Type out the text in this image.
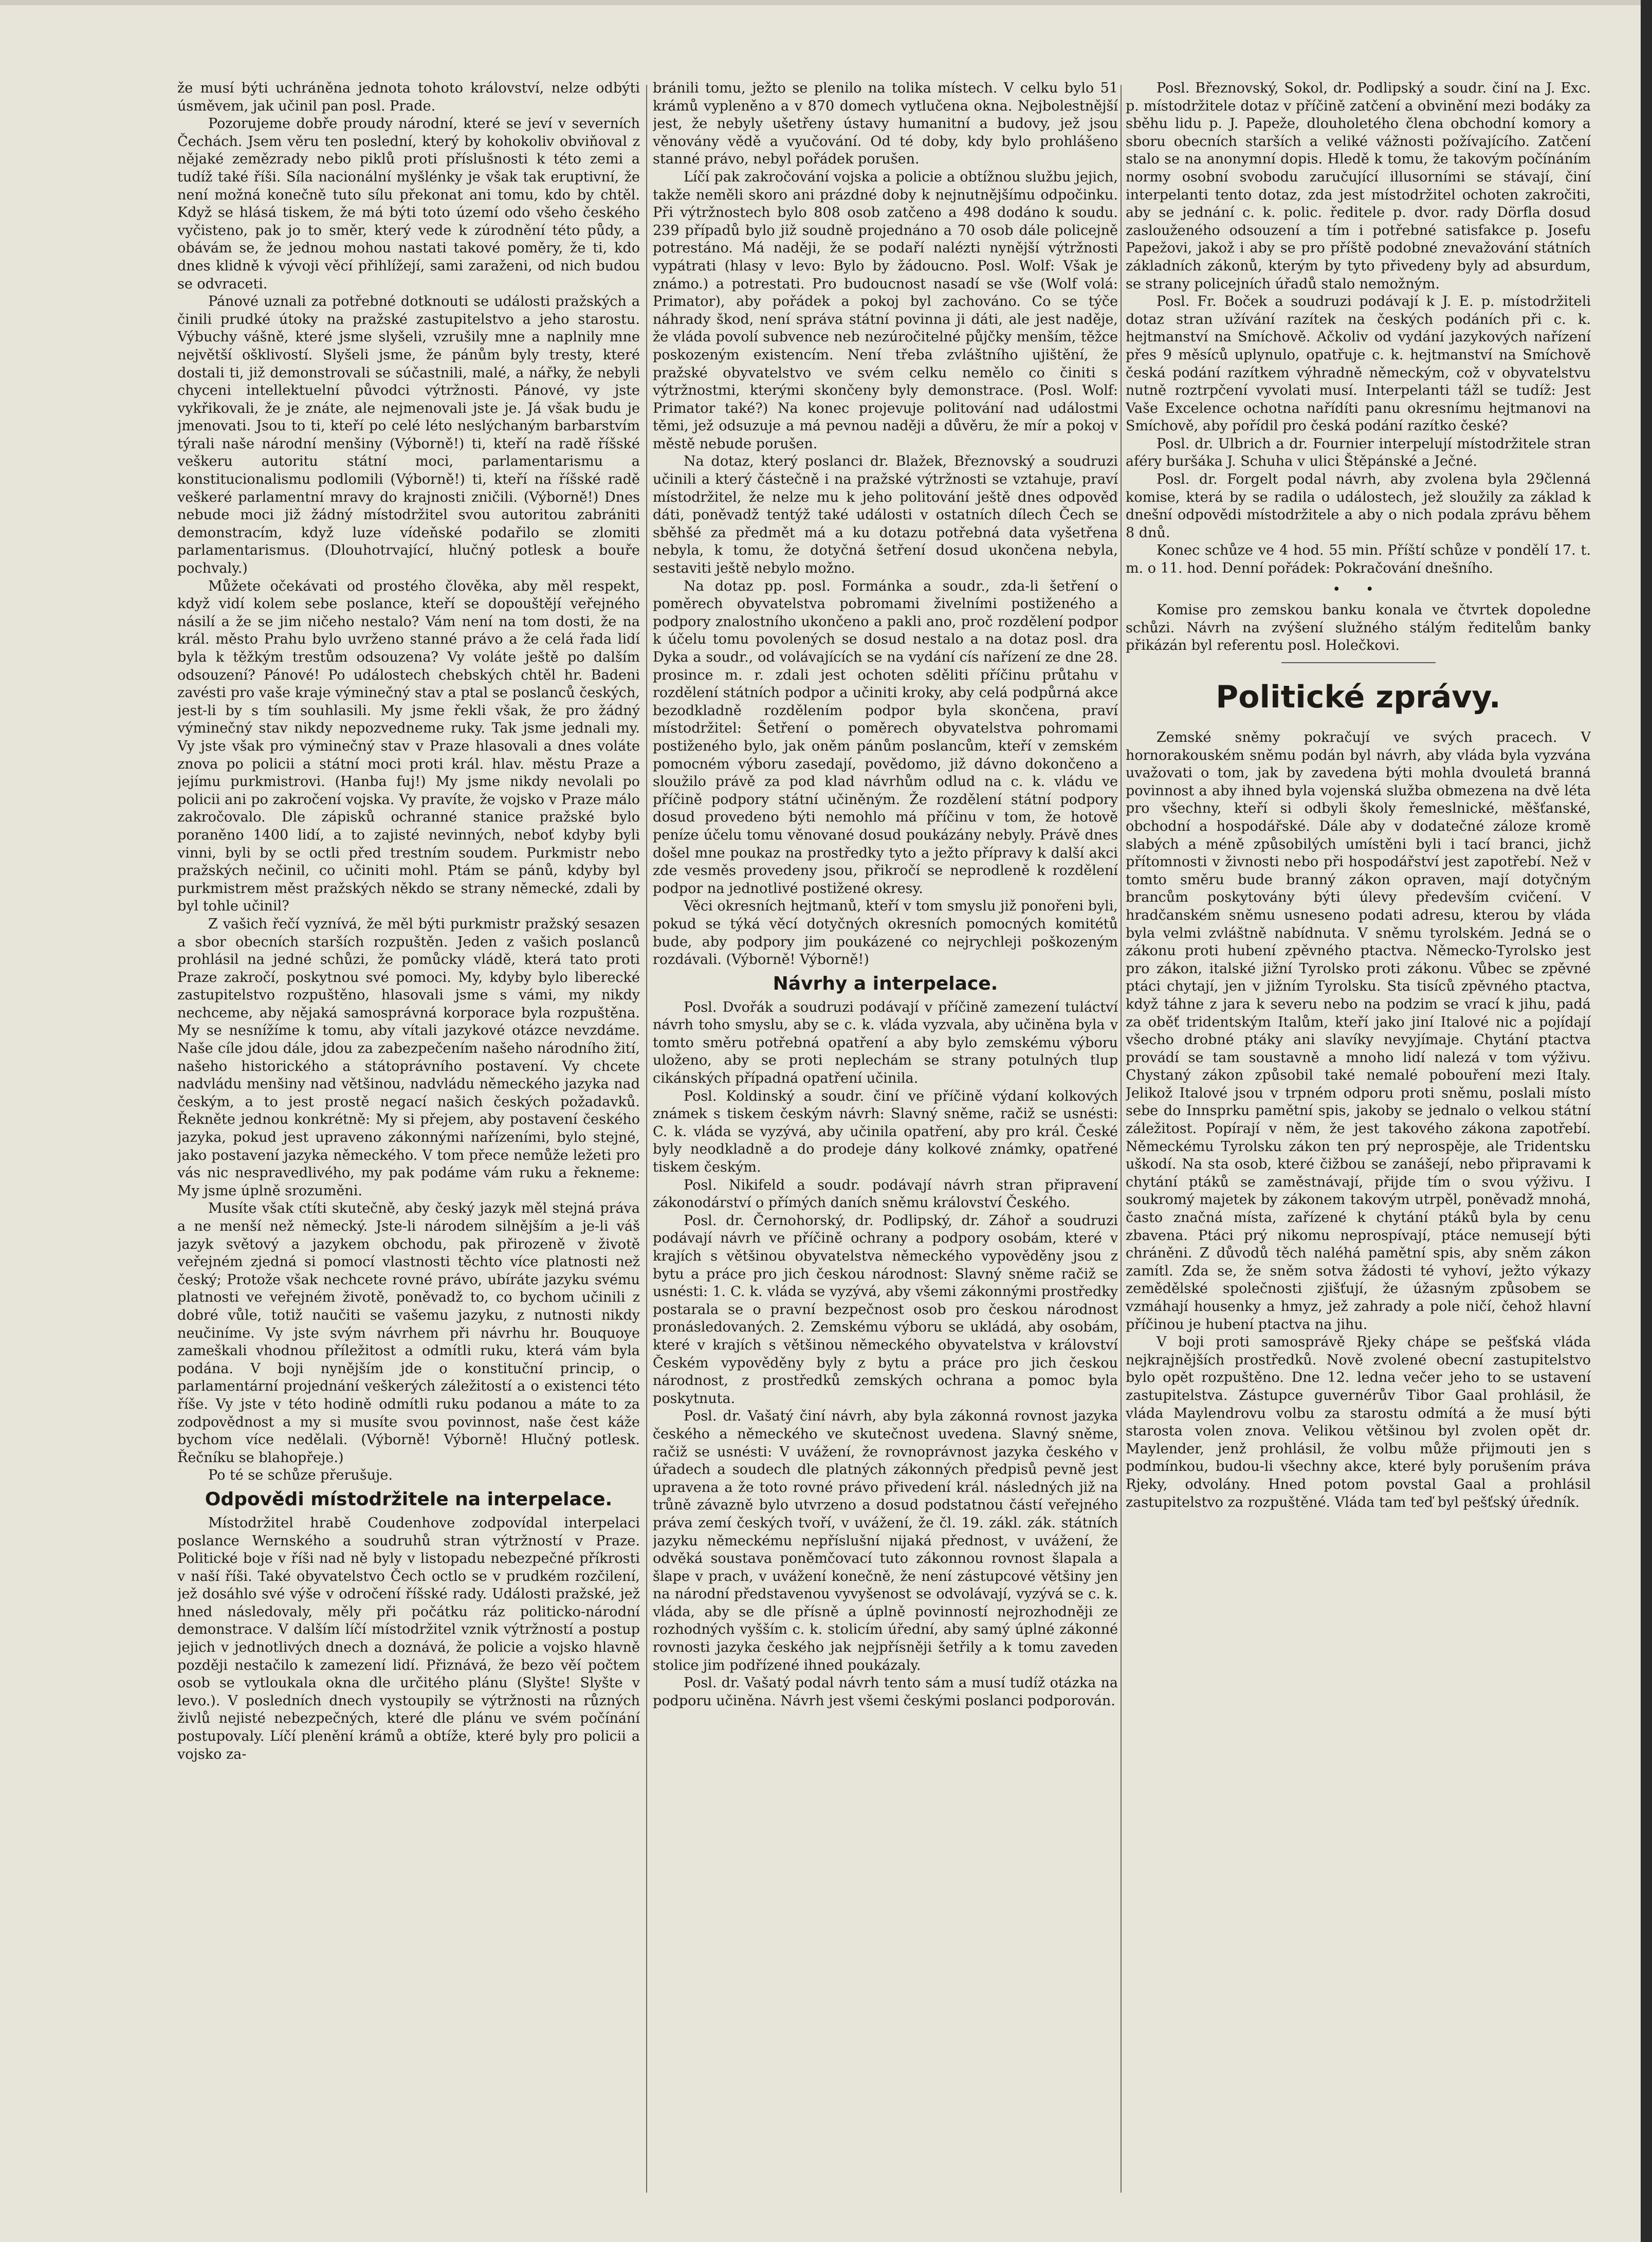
že musí býti uchráněna jednota tohoto království, nelze odbýti úsměvem, jak učinil pan posl. Prade.

Pozorujeme dobře proudy národní, které se jeví v severních Čechách. Jsem věru ten poslední, který by kohokoliv obviňoval z nějaké zemězrady nebo piklů proti příslušnosti k této zemi a tudíž také říši. Síla nacionální myšlénky je však tak eruptivní, že není možná konečně tuto sílu překonat ani tomu, kdo by chtěl. Když se hlásá tiskem, že má býti toto území odo všeho českého vyčisteno, pak jo to směr, který vede k zúrodnění této půdy, a obávám se, že jednou mohou nastati takové poměry, že ti, kdo dnes klidně k vývoji věcí přihlížejí, sami zaraženi, od nich budou se odvraceti.

Pánové uznali za potřebné dotknouti se události pražských a činili prudké útoky na pražské zastupitelstvo a jeho starostu. Výbuchy vášně, které jsme slyšeli, vzrušily mne a naplnily mne největší ošklivostí. Slyšeli jsme, že pánům byly tresty, které dostali ti, již demonstrovali se súčastnili, malé, a nářky, že nebyli chyceni intellektuelní původci výtržnosti. Pánové, vy jste vykřikovali, že je znáte, ale nejmenovali jste je. Já však budu je jmenovati. Jsou to ti, kteří po celé léto neslýchaným barbarstvím týrali naše národní menšiny (Výborně!) ti, kteří na radě říšské veškeru autoritu státní moci, parlamentarismu a konstitucionalismu podlomili (Výborně!) ti, kteří na říšské radě veškeré parlamentní mravy do krajnosti zničili. (Výborně!) Dnes nebude moci již žádný místodržitel svou autoritou zabrániti demonstracím, když luze vídeňské podařilo se zlomiti parlamentarismus. (Dlouhotrvající, hlučný potlesk a bouře pochvaly.)

Můžete očekávati od prostého člověka, aby měl respekt, když vidí kolem sebe poslance, kteří se dopouštějí veřejného násilí a že se jim ničeho nestalo? Vám není na tom dosti, že na král. město Prahu bylo uvrženo stanné právo a že celá řada lidí byla k těžkým trestům odsouzena? Vy voláte ještě po dalším odsouzení? Pánové! Po událostech chebských chtěl hr. Badeni zavésti pro vaše kraje výminečný stav a ptal se poslanců českých, jest-li by s tím souhlasili. My jsme řekli však, že pro žádný výminečný stav nikdy nepozvedneme ruky. Tak jsme jednali my. Vy jste však pro výminečný stav v Praze hlasovali a dnes voláte znova po policii a státní moci proti král. hlav. městu Praze a jejímu purkmistrovi. (Hanba fuj!) My jsme nikdy nevolali po policii ani po zakročení vojska. Vy pravíte, že vojsko v Praze málo zakročovalo. Dle zápisků ochranné stanice pražské bylo poraněno 1400 lidí, a to zajisté nevinných, neboť kdyby byli vinni, byli by se octli před trestním soudem. Purkmistr nebo pražských nečinil, co učiniti mohl. Ptám se pánů, kdyby byl purkmistrem měst pražských někdo se strany německé, zdali by byl tohle učinil?

Z vašich řečí vyznívá, že měl býti purkmistr pražský sesazen a sbor obecních starších rozpuštěn. Jeden z vašich poslanců prohlásil na jedné schůzi, že pomůcky vládě, která tato proti Praze zakročí, poskytnou své pomoci. My, kdyby bylo liberecké zastupitelstvo rozpuštěno, hlasovali jsme s vámi, my nikdy nechceme, aby nějaká samosprávná korporace byla rozpuštěna. My se nesnížíme k tomu, aby vítali jazykové otázce nevzdáme. Naše cíle jdou dále, jdou za zabezpečením našeho národního žití, našeho historického a státoprávního postavení. Vy chcete nadvládu menšiny nad většinou, nadvládu německého jazyka nad českým, a to jest prostě negací našich českých požadavků. Řekněte jednou konkrétně: My si přejem, aby postavení českého jazyka, pokud jest upraveno zákonnými nařízeními, bylo stejné, jako postavení jazyka německého. V tom přece nemůže ležeti pro vás nic nespravedlivého, my pak podáme vám ruku a řekneme: My jsme úplně srozuměni.

Musíte však ctíti skutečně, aby český jazyk měl stejná práva a ne menší než německý. Jste-li národem silnějším a je-li váš jazyk světový a jazykem obchodu, pak přirozeně v životě veřejném zjedná si pomocí vlastnosti těchto více platnosti než český; Protože však nechcete rovné právo, ubíráte jazyku svému platnosti ve veřejném životě, poněvadž to, co bychom učinili z dobré vůle, totiž naučiti se vašemu jazyku, z nutnosti nikdy neučiníme. Vy jste svým návrhem při návrhu hr. Bouquoye zameškali vhodnou příležitost a odmítli ruku, která vám byla podána. V boji nynějším jde o konstituční princip, o parlamentární projednání veškerých záležitostí a o existenci této říše. Vy jste v této hodině odmítli ruku podanou a máte to za zodpovědnost a my si musíte svou povinnost, naše čest káže bychom více nedělali. (Výborně! Výborně! Hlučný potlesk. Řečníku se blahopřeje.)

Po té se schůze přerušuje.

Odpovědi místodržitele na interpelace.

Místodržitel hrabě Coudenhove zodpovídal interpelaci poslance Wernského a soudruhů stran výtržností v Praze. Politické boje v říši nad ně byly v listopadu nebezpečné příkrosti v naší říši. Také obyvatelstvo Čech octlo se v prudkém rozčilení, jež dosáhlo své výše v odročení říšské rady. Události pražské, jež hned následovaly, měly při počátku ráz politicko-národní demonstrace. V dalším líčí místodržitel vznik výtržností a postup jejich v jednotlivých dnech a doznává, že policie a vojsko hlavně později nestačilo k zamezení lidí. Přiznává, že bezo věí počtem osob se vytloukala okna dle určitého plánu (Slyšte! Slyšte v levo.). V posledních dnech vystoupily se výtržnosti na různých živlů nejisté nebezpečných, které dle plánu ve svém počínání postupovaly. Líčí plenění krámů a obtíže, které byly pro policii a vojsko za-

bránili tomu, ježto se plenilo na tolika místech. V celku bylo 51 krámů vypleněno a v 870 domech vytlučena okna. Nejbolestnější jest, že nebyly ušetřeny ústavy humanitní a budovy, jež jsou věnovány vědě a vyučování. Od té doby, kdy bylo prohlášeno stanné právo, nebyl pořádek porušen.

Líčí pak zakročování vojska a policie a obtížnou službu jejich, takže neměli skoro ani prázdné doby k nejnutnějšímu odpočinku. Při výtržnostech bylo 808 osob zatčeno a 498 dodáno k soudu. 239 případů bylo již soudně projednáno a 70 osob dále policejně potrestáno. Má naději, že se podaří nalézti nynější výtržnosti vypátrati (hlasy v levo: Bylo by žádoucno. Posl. Wolf: Však je známo.) a potrestati. Pro budoucnost nasadí se vše (Wolf volá: Primator), aby pořádek a pokoj byl zachováno. Co se týče náhrady škod, není správa státní povinna ji dáti, ale jest naděje, že vláda povolí subvence neb nezúročitelné půjčky menším, těžce poskozeným existencím. Není třeba zvláštního ujištění, že pražské obyvatelstvo ve svém celku nemělo co činiti s výtržnostmi, kterými skončeny byly demonstrace. (Posl. Wolf: Primator také?) Na konec projevuje politování nad událostmi těmi, jež odsuzuje a má pevnou naději a důvěru, že mír a pokoj v městě nebude porušen.

Na dotaz, který poslanci dr. Blažek, Březnovský a soudruzi učinili a který částečně i na pražské výtržnosti se vztahuje, praví místodržitel, že nelze mu k jeho politování ještě dnes odpověď dáti, poněvadž tentýž také události v ostatních dílech Čech se sběhšé za předmět má a ku dotazu potřebná data vyšetřena nebyla, k tomu, že dotyčná šetření dosud ukončena nebyla, sestaviti ještě nebylo možno.

Na dotaz pp. posl. Formánka a soudr., zda-li šetření o poměrech obyvatelstva pobromami živelními postiženého a podpory znalostního ukončeno a pakli ano, proč rozdělení podpor k účelu tomu povolených se dosud nestalo a na dotaz posl. dra Dyka a soudr., od volávajících se na vydání cís nařízení ze dne 28. prosince m. r. zdali jest ochoten sděliti příčinu průtahu v rozdělení státních podpor a učiniti kroky, aby celá podpůrná akce bezodkladně rozdělením podpor byla skončena, praví místodržitel: Šetření o poměrech obyvatelstva pohromami postiženého bylo, jak oněm pánům poslancům, kteří v zemském pomocném výboru zasedají, povědomo, již dávno dokončeno a sloužilo právě za pod klad návrhům odlud na c. k. vládu ve příčině podpory státní učiněným. Že rozdělení státní podpory dosud provedeno býti nemohlo má příčinu v tom, že hotově peníze účelu tomu věnované dosud poukázány nebyly. Právě dnes došel mne poukaz na prostředky tyto a ježto přípravy k další akci zde vesměs provedeny jsou, přikročí se neprodleně k rozdělení podpor na jednotlivé postižené okresy.

Věci okresních hejtmanů, kteří v tom smyslu již ponořeni byli, pokud se týká věcí dotyčných okresních pomocných komitétů bude, aby podpory jim poukázené co nejrychleji poškozeným rozdávali. (Výborně! Výborně!)

Návrhy a interpelace.

Posl. Dvořák a soudruzi podávají v příčině zamezení tuláctví návrh toho smyslu, aby se c. k. vláda vyzvala, aby učiněna byla v tomto směru potřebná opatření a aby bylo zemskému výboru uloženo, aby se proti neplechám se strany potulných tlup cikánských případná opatření učinila.

Posl. Koldinský a soudr. činí ve příčině výdaní kolkových známek s tiskem českým návrh: Slavný sněme, račiž se usnésti: C. k. vláda se vyzývá, aby učinila opatření, aby pro král. České byly neodkladně a do prodeje dány kolkové známky, opatřené tiskem českým.

Posl. Nikifeld a soudr. podávají návrh stran připravení zákonodárství o přímých daních sněmu království Českého.

Posl. dr. Černohorský, dr. Podlipský, dr. Záhoř a soudruzi podávají návrh ve příčině ochrany a podpory osobám, které v krajích s většinou obyvatelstva německého vypověděny jsou z bytu a práce pro jich českou národnost: Slavný sněme račiž se usnésti: 1. C. k. vláda se vyzývá, aby všemi zákonnými prostředky postarala se o pravní bezpečnost osob pro českou národnost pronásledovaných. 2. Zemskému výboru se ukládá, aby osobám, které v krajích s většinou německého obyvatelstva v království Českém vypověděny byly z bytu a práce pro jich českou národnost, z prostředků zemských ochrana a pomoc byla poskytnuta.

Posl. dr. Vašatý činí návrh, aby byla zákonná rovnost jazyka českého a německého ve skutečnost uvedena. Slavný sněme, račiž se usnésti: V uvážení, že rovnoprávnost jazyka českého v úřadech a soudech dle platných zákonných předpisů pevně jest upravena a že toto rovné právo přivedení král. následných již na trůně závazně bylo utvrzeno a dosud podstatnou částí veřejného práva zemí českých tvoří, v uvážení, že čl. 19. zákl. zák. státních jazyku německému nepříslušní nijaká přednost, v uvážení, že odvěká soustava poněmčovací tuto zákonnou rovnost šlapala a šlape v prach, v uvážení konečně, že není zástupcové většiny jen na národní představenou vyvyšenost se odvolávají, vyzývá se c. k. vláda, aby se dle přísně a úplně povinností nejrozhodněji ze rozhodných vyšším c. k. stolicím úřední, aby samý úplné zákonné rovnosti jazyka českého jak nejpřísněji šetřily a k tomu zaveden stolice jim podřízené ihned poukázaly.

Posl. dr. Vašatý podal návrh tento sám a musí tudíž otázka na podporu učiněna. Návrh jest všemi českými poslanci podporován.

Posl. Březnovský, Sokol, dr. Podlipský a soudr. činí na J. Exc. p. místodržitele dotaz v příčině zatčení a obvinění mezi bodáky za sběhu lidu p. J. Papeže, dlouholetého člena obchodní komory a sboru obecních starších a veliké vážnosti požívajícího. Zatčení stalo se na anonymní dopis. Hledě k tomu, že takovým počínáním normy osobní svobodu zaručující illusorními se stávají, činí interpelanti tento dotaz, zda jest místodržitel ochoten zakročiti, aby se jednání c. k. polic. ředitele p. dvor. rady Dörfla dosud zaslouženého odsouzení a tím i potřebné satisfakce p. Josefu Papežovi, jakož i aby se pro příště podobné znevažování státních základních zákonů, kterým by tyto přivedeny byly ad absurdum, se strany policejních úřadů stalo nemožným.

Posl. Fr. Boček a soudruzi podávají k J. E. p. místodržiteli dotaz stran užívání razítek na českých podáních při c. k. hejtmanství na Smíchově. Ačkoliv od vydání jazykových nařízení přes 9 měsíců uplynulo, opatřuje c. k. hejtmanství na Smíchově česká podání razítkem výhradně německým, což v obyvatelstvu nutně roztrpčení vyvolati musí. Interpelanti tážl se tudíž: Jest Vaše Excelence ochotna nařídíti panu okresnímu hejtmanovi na Smíchově, aby pořídil pro česká podání razítko české?

Posl. dr. Ulbrich a dr. Fournier interpelují místodržitele stran aféry buršáka J. Schuha v ulici Štěpánské a Ječné.

Posl. dr. Forgelt podal návrh, aby zvolena byla 29členná komise, která by se radila o událostech, jež sloužily za základ k dnešní odpovědi místodržitele a aby o nich podala zprávu během 8 dnů.

Konec schůze ve 4 hod. 55 min. Příští schůze v pondělí 17. t. m. o 11. hod. Denní pořádek: Pokračování dnešního.

• •

Komise pro zemskou banku konala ve čtvrtek dopoledne schůzi. Návrh na zvýšení služného stálým ředitelům banky přikázán byl referentu posl. Holečkovi.

Politické zprávy.

Zemské sněmy pokračují ve svých pracech. V hornorakouském sněmu podán byl návrh, aby vláda byla vyzvána uvažovati o tom, jak by zavedena býti mohla dvouletá branná povinnost a aby ihned byla vojenská služba obmezena na dvě léta pro všechny, kteří si odbyli školy řemeslnické, měšťanské, obchodní a hospodářské. Dále aby v dodatečné záloze kromě slabých a méně způsobilých umístěni byli i tací branci, jichž přítomnosti v živnosti nebo při hospodářství jest zapotřebí. Než v tomto směru bude branný zákon opraven, mají dotyčným brancům poskytovány býti úlevy především cvičení. V hradčanském sněmu usneseno podati adresu, kterou by vláda byla velmi zvláštně nabídnuta. V sněmu tyrolském. Jedná se o zákonu proti hubení zpěvného ptactva. Německo-Tyrolsko jest pro zákon, italské jižní Tyrolsko proti zákonu. Vůbec se zpěvné ptáci chytají, jen v jižním Tyrolsku. Sta tisíců zpěvného ptactva, když táhne z jara k severu nebo na podzim se vrací k jihu, padá za oběť tridentským Italům, kteří jako jiní Italové nic a pojídají všecho drobné ptáky ani slavíky nevyjímaje. Chytání ptactva provádí se tam soustavně a mnoho lidí nalezá v tom výživu. Chystaný zákon způsobil také nemalé pobouření mezi Italy. Jelikož Italové jsou v trpném odporu proti sněmu, poslali místo sebe do Innsprku pamětní spis, jakoby se jednalo o velkou státní záležitost. Popírají v něm, že jest takového zákona zapotřebí. Německému Tyrolsku zákon ten prý neprospěje, ale Tridentsku uškodí. Na sta osob, které čižbou se zanášejí, nebo připravami k chytání ptáků se zaměstnávají, přijde tím o svou výživu. I soukromý majetek by zákonem takovým utrpěl, poněvadž mnohá, často značná místa, zařízené k chytání ptáků byla by cenu zbavena. Ptáci prý nikomu neprospívají, ptáce nemusejí býti chráněni. Z důvodů těch naléhá pamětní spis, aby sněm zákon zamítl. Zda se, že sněm sotva žádosti té vyhoví, ježto výkazy zemědělské společnosti zjišťují, že úžasným způsobem se vzmáhají housenky a hmyz, jež zahrady a pole ničí, čehož hlavní příčinou je hubení ptactva na jihu.

V boji proti samosprávě Rjeky chápe se pešťská vláda nejkrajnějších prostředků. Nově zvolené obecní zastupitelstvo bylo opět rozpuštěno. Dne 12. ledna večer jeho to se ustavení zastupitelstva. Zástupce guvernérův Tibor Gaal prohlásil, že vláda Maylendrovu volbu za starostu odmítá a že musí býti starosta volen znova. Velikou většinou byl zvolen opět dr. Maylender, jenž prohlásil, že volbu může přijmouti jen s podmínkou, budou-li všechny akce, které byly porušením práva Rjeky, odvolány. Hned potom povstal Gaal a prohlásil zastupitelstvo za rozpuštěné. Vláda tam teď byl pešťský úředník.
